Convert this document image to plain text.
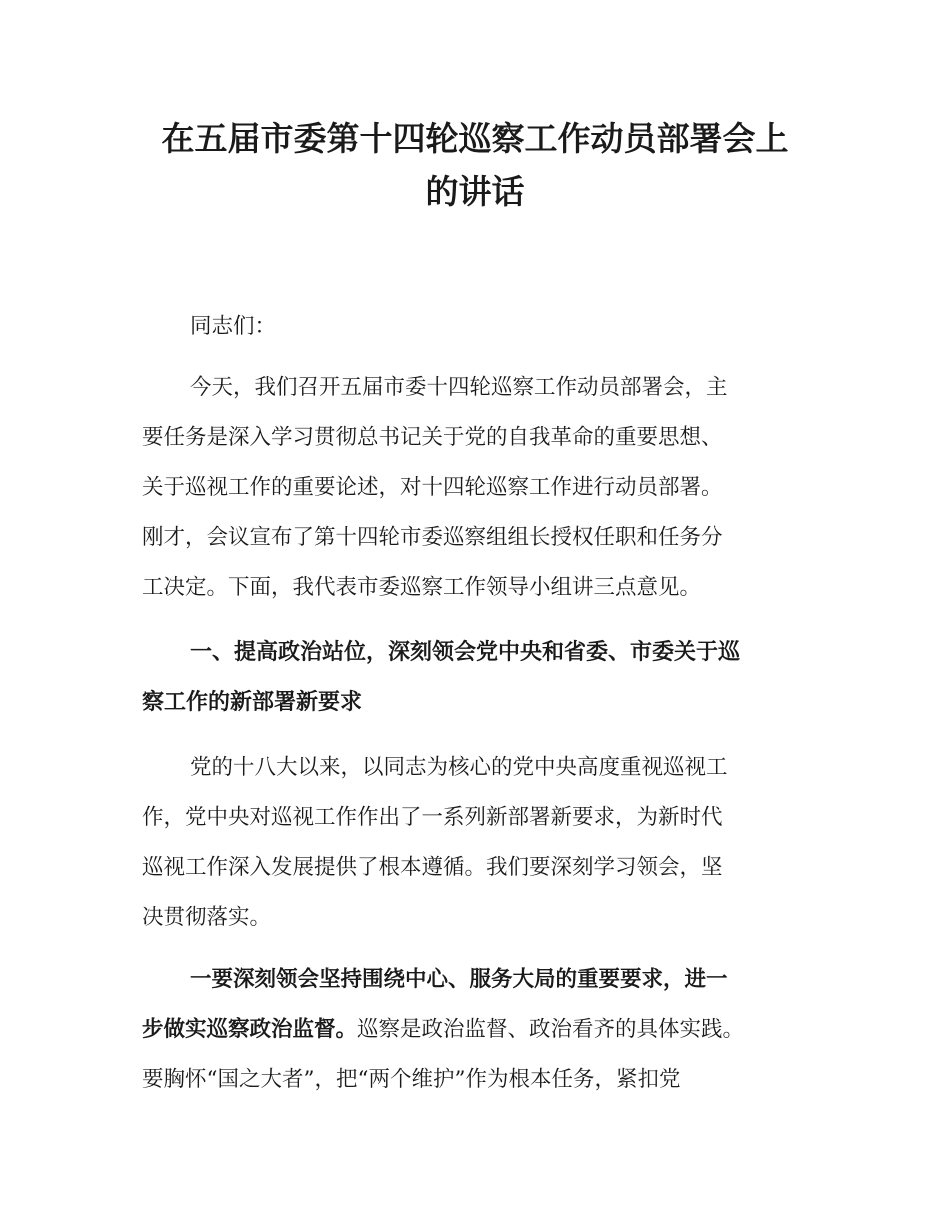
在五届市委第十四轮巡察工作动员部署会上
的讲话

同志们：

今天，我们召开五届市委十四轮巡察工作动员部署会，主
要任务是深入学习贯彻总书记关于党的自我革命的重要思想、
关于巡视工作的重要论述，对十四轮巡察工作进行动员部署。
刚才，会议宣布了第十四轮市委巡察组组长授权任职和任务分
工决定。下面，我代表市委巡察工作领导小组讲三点意见。

一、提高政治站位，深刻领会党中央和省委、市委关于巡
察工作的新部署新要求

党的十八大以来，以同志为核心的党中央高度重视巡视工
作，党中央对巡视工作作出了一系列新部署新要求，为新时代
巡视工作深入发展提供了根本遵循。我们要深刻学习领会，坚
决贯彻落实。

一要深刻领会坚持围绕中心、服务大局的重要要求，进一
步做实巡察政治监督。巡察是政治监督、政治看齐的具体实践。
要胸怀“国之大者”，把“两个维护”作为根本任务，紧扣党
